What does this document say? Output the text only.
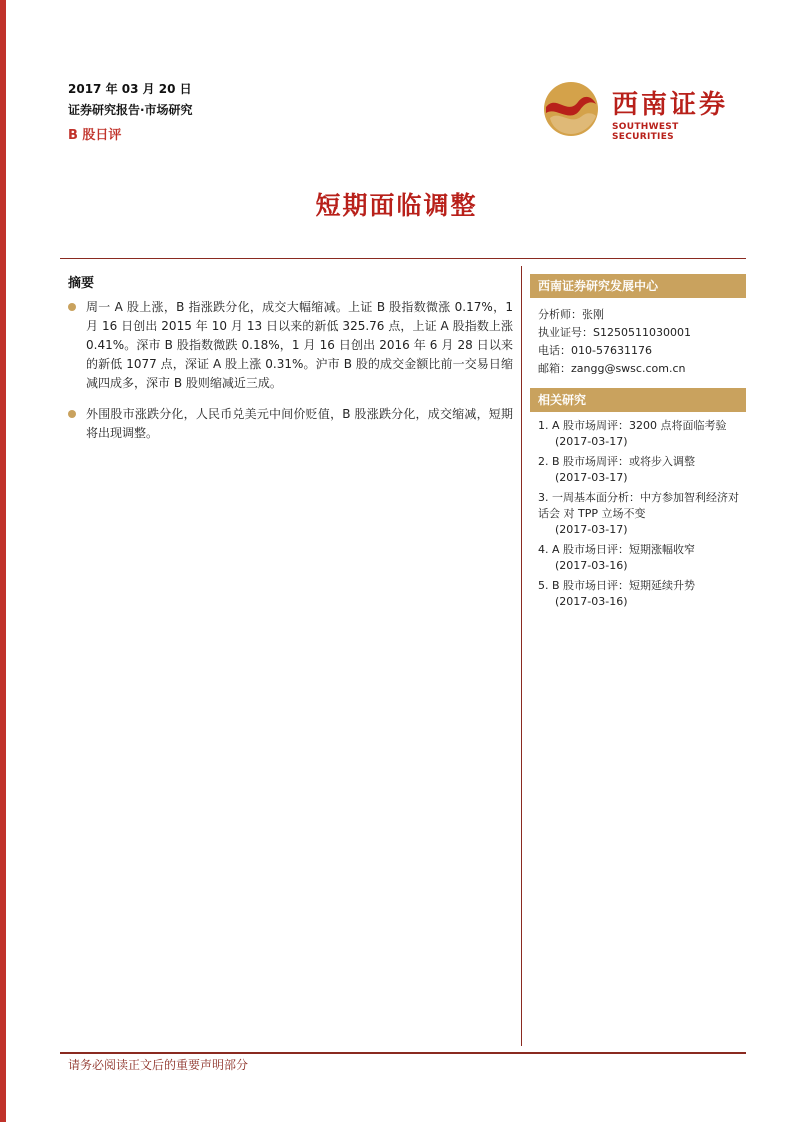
2017 年 03 月 20 日
证券研究报告·市场研究
B 股日评
西南证券
SOUTHWEST SECURITIES
短期面临调整
摘要
周一 A 股上涨，B 指涨跌分化，成交大幅缩减。上证 B 股指数微涨 0.17%，1 月 16 日创出 2015 年 10 月 13 日以来的新低 325.76 点，上证 A 股指数上涨 0.41%。深市 B 股指数微跌 0.18%，1 月 16 日创出 2016 年 6 月 28 日以来的新低 1077 点，深证 A 股上涨 0.31%。沪市 B 股的成交金额比前一交易日缩减四成多，深市 B 股则缩减近三成。
外围股市涨跌分化，人民币兑美元中间价贬值，B 股涨跌分化，成交缩减，短期将出现调整。
西南证券研究发展中心
分析师：张刚
执业证号：S1250511030001
电话：010-57631176
邮箱：zangg@swsc.com.cn
相关研究
1. A 股市场周评：3200 点将面临考验
(2017-03-17)
2. B 股市场周评：或将步入调整
(2017-03-17)
3. 一周基本面分析：中方参加智利经济对话会 对 TPP 立场不变
(2017-03-17)
4. A 股市场日评：短期涨幅收窄
(2017-03-16)
5. B 股市场日评：短期延续升势
(2017-03-16)
请务必阅读正文后的重要声明部分
